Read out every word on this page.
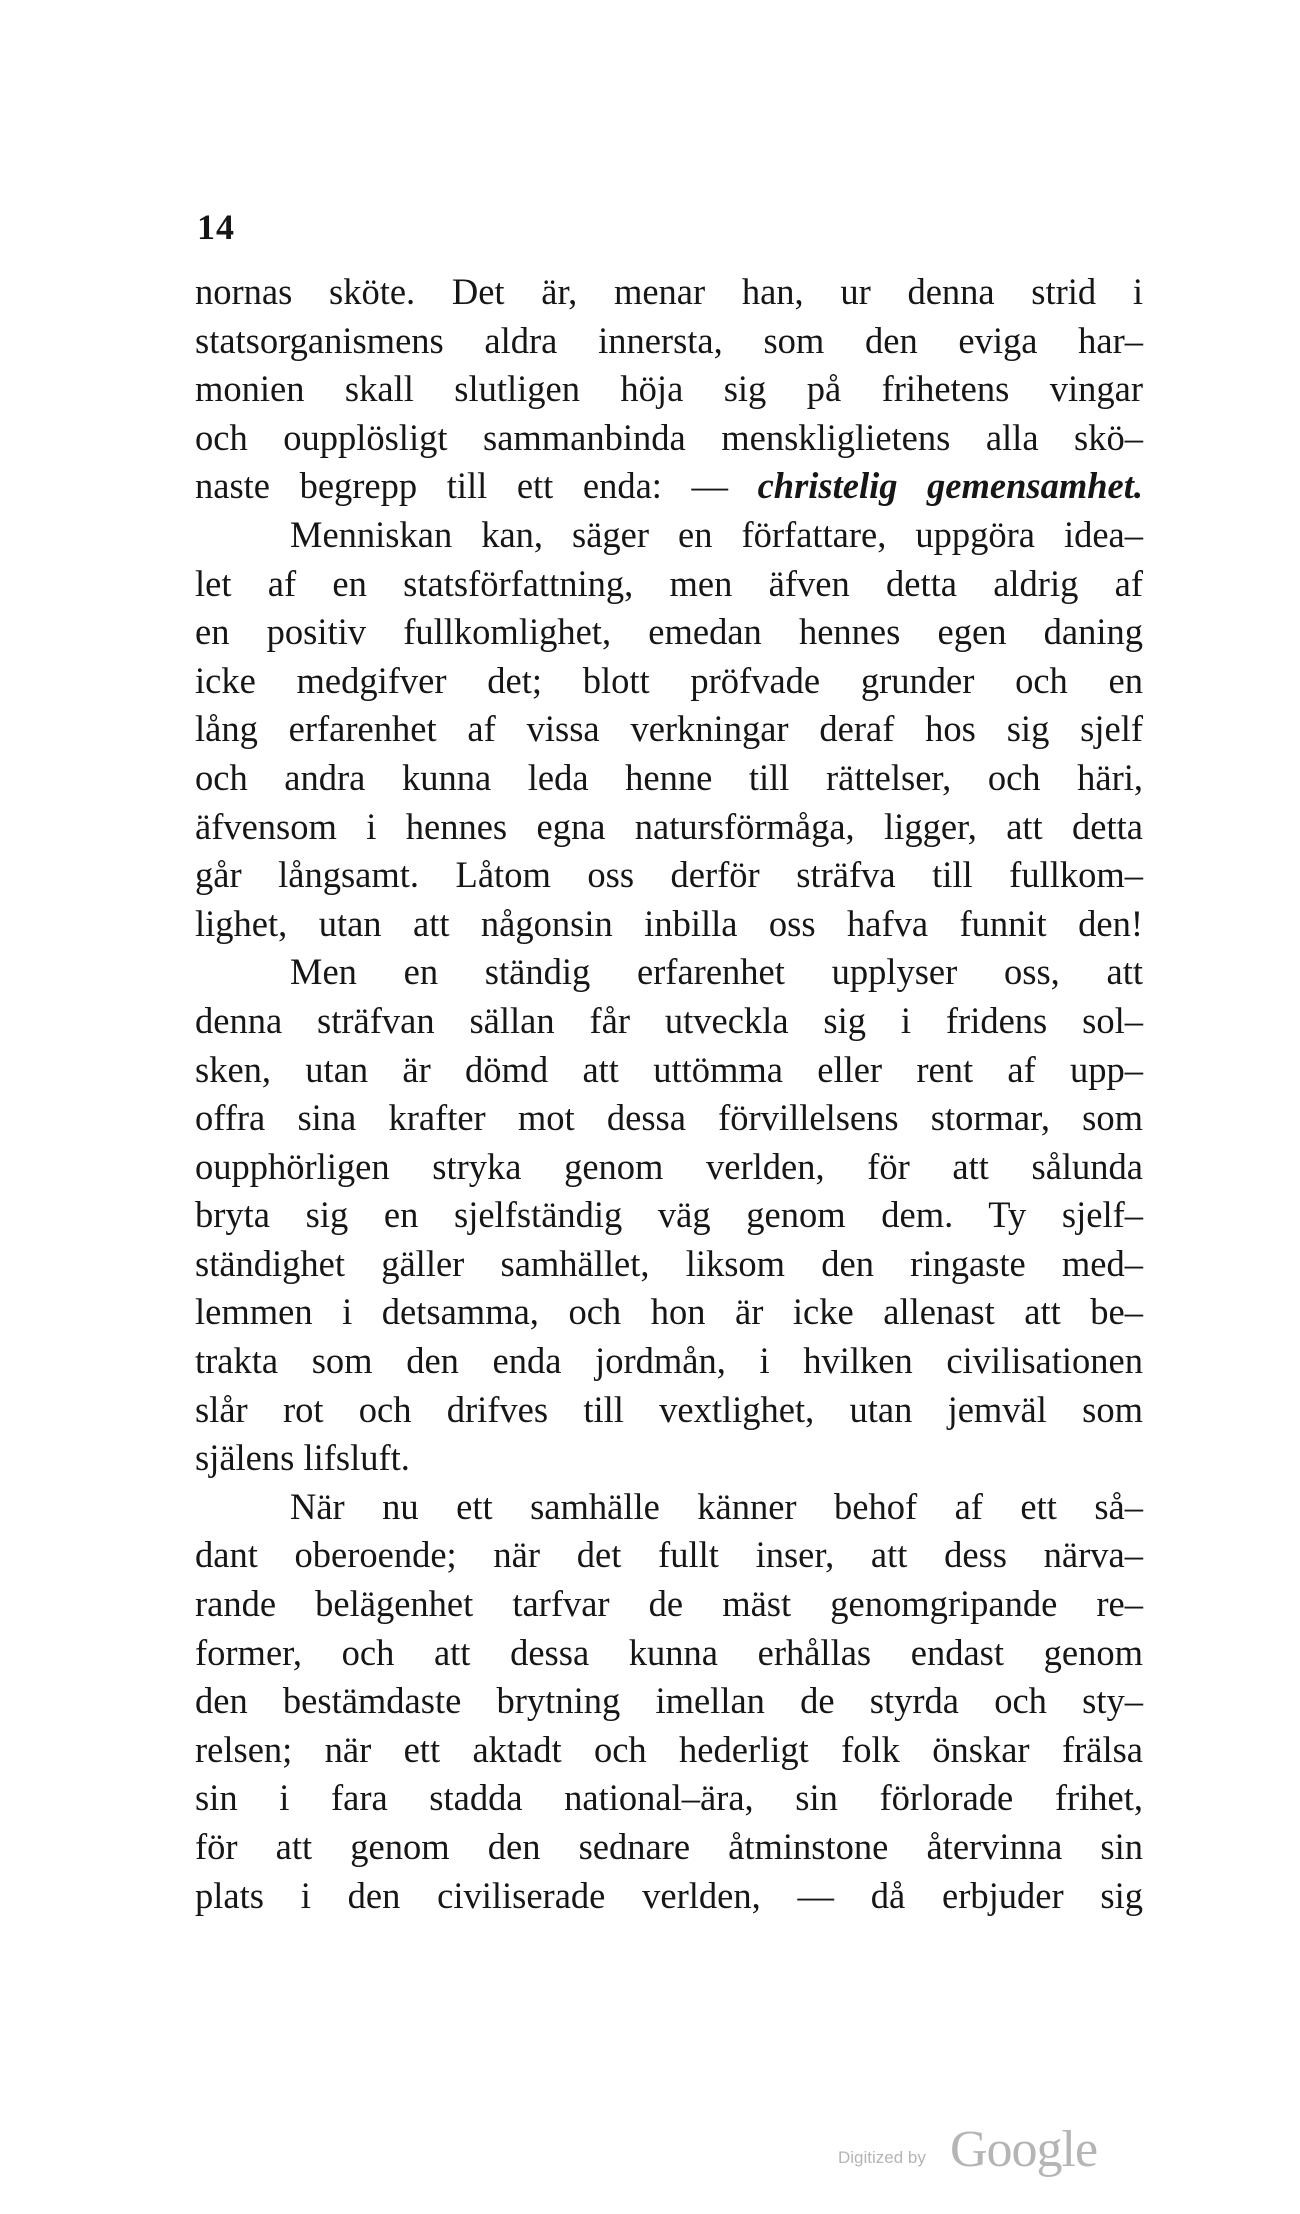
14
nornas sköte. Det är, menar han, ur denna strid i
statsorganismens aldra innersta, som den eviga har–
monien skall slutligen höja sig på frihetens vingar
och oupplösligt sammanbinda menskliglietens alla skö–
naste begrepp till ett enda: — christelig gemensamhet.
Menniskan kan, säger en författare, uppgöra idea–
let af en statsförfattning, men äfven detta aldrig af
en positiv fullkomlighet, emedan hennes egen daning
icke medgifver det; blott pröfvade grunder och en
lång erfarenhet af vissa verkningar deraf hos sig sjelf
och andra kunna leda henne till rättelser, och häri,
äfvensom i hennes egna natursförmåga, ligger, att detta
går långsamt. Låtom oss derför sträfva till fullkom–
lighet, utan att någonsin inbilla oss hafva funnit den!
Men en ständig erfarenhet upplyser oss, att
denna sträfvan sällan får utveckla sig i fridens sol–
sken, utan är dömd att uttömma eller rent af upp–
offra sina krafter mot dessa förvillelsens stormar, som
oupphörligen stryka genom verlden, för att sålunda
bryta sig en sjelfständig väg genom dem. Ty sjelf–
ständighet gäller samhället, liksom den ringaste med–
lemmen i detsamma, och hon är icke allenast att be–
trakta som den enda jordmån, i hvilken civilisationen
slår rot och drifves till vextlighet, utan jemväl som
själens lifsluft.
När nu ett samhälle känner behof af ett så–
dant oberoende; när det fullt inser, att dess närva–
rande belägenhet tarfvar de mäst genomgripande re–
former, och att dessa kunna erhållas endast genom
den bestämdaste brytning imellan de styrda och sty–
relsen; när ett aktadt och hederligt folk önskar frälsa
sin i fara stadda national–ära, sin förlorade frihet,
för att genom den sednare åtminstone återvinna sin
plats i den civiliserade verlden, — då erbjuder sig
Digitized by Google
